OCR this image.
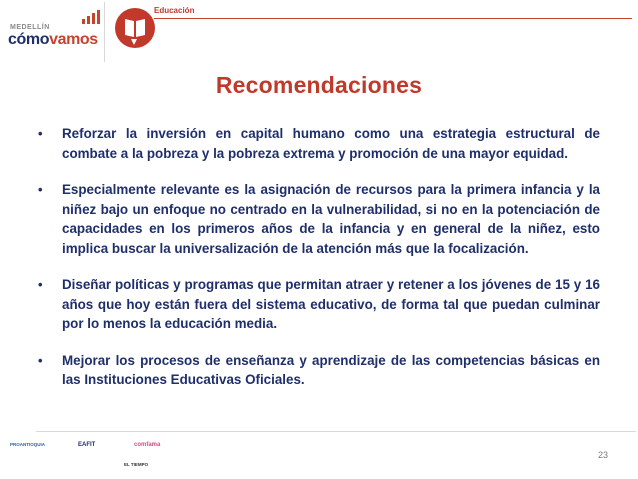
MEDELLÍN
cómovamos
Educación
Recomendaciones
• Reforzar la inversión en capital humano como una estrategia estructural de combate a la pobreza y la pobreza extrema y promoción de una mayor equidad.
• Especialmente relevante es la asignación de recursos para la primera infancia y la niñez bajo un enfoque no centrado en la vulnerabilidad, si no en la potenciación de capacidades en los primeros años de la infancia y en general de la niñez, esto implica buscar la universalización de la atención más que la focalización.
• Diseñar políticas y programas que permitan atraer y retener a los jóvenes de 15 y 16 años que hoy están fuera del sistema educativo, de forma tal que puedan culminar por lo menos la educación media.
• Mejorar los procesos de enseñanza y aprendizaje de las competencias básicas en las Instituciones Educativas Oficiales.
PROANTIOQUIA	EAFIT	comfama
EL TIEMPO
23
